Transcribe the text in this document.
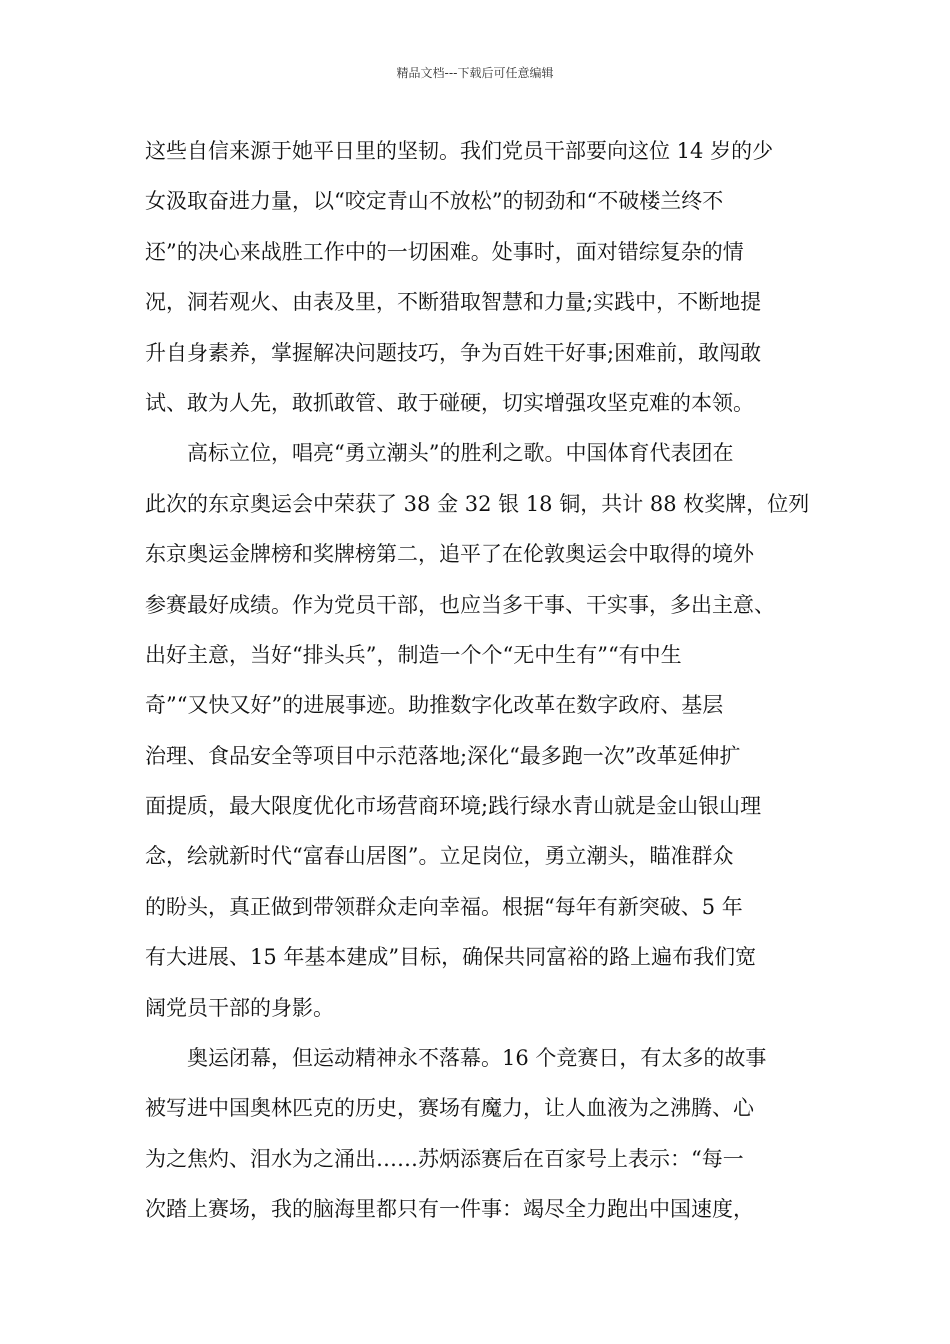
精品文档---下载后可任意编辑
这些自信来源于她平日里的坚韧。我们党员干部要向这位 14 岁的少
女汲取奋进力量，以“咬定青山不放松”的韧劲和“不破楼兰终不
还”的决心来战胜工作中的一切困难。处事时，面对错综复杂的情
况，洞若观火、由表及里，不断猎取智慧和力量;实践中，不断地提
升自身素养，掌握解决问题技巧，争为百姓干好事;困难前，敢闯敢
试、敢为人先，敢抓敢管、敢于碰硬，切实增强攻坚克难的本领。
高标立位，唱亮“勇立潮头”的胜利之歌。中国体育代表团在
此次的东京奥运会中荣获了 38 金 32 银 18 铜，共计 88 枚奖牌，位列
东京奥运金牌榜和奖牌榜第二，追平了在伦敦奥运会中取得的境外
参赛最好成绩。作为党员干部，也应当多干事、干实事，多出主意、
出好主意，当好“排头兵”，制造一个个“无中生有”“有中生
奇”“又快又好”的进展事迹。助推数字化改革在数字政府、基层
治理、食品安全等项目中示范落地;深化“最多跑一次”改革延伸扩
面提质，最大限度优化市场营商环境;践行绿水青山就是金山银山理
念，绘就新时代“富春山居图”。立足岗位，勇立潮头，瞄准群众
的盼头，真正做到带领群众走向幸福。根据“每年有新突破、5 年
有大进展、15 年基本建成”目标，确保共同富裕的路上遍布我们宽
阔党员干部的身影。
奥运闭幕，但运动精神永不落幕。16 个竞赛日，有太多的故事
被写进中国奥林匹克的历史，赛场有魔力，让人血液为之沸腾、心
为之焦灼、泪水为之涌出……苏炳添赛后在百家号上表示：“每一
次踏上赛场，我的脑海里都只有一件事：竭尽全力跑出中国速度，
